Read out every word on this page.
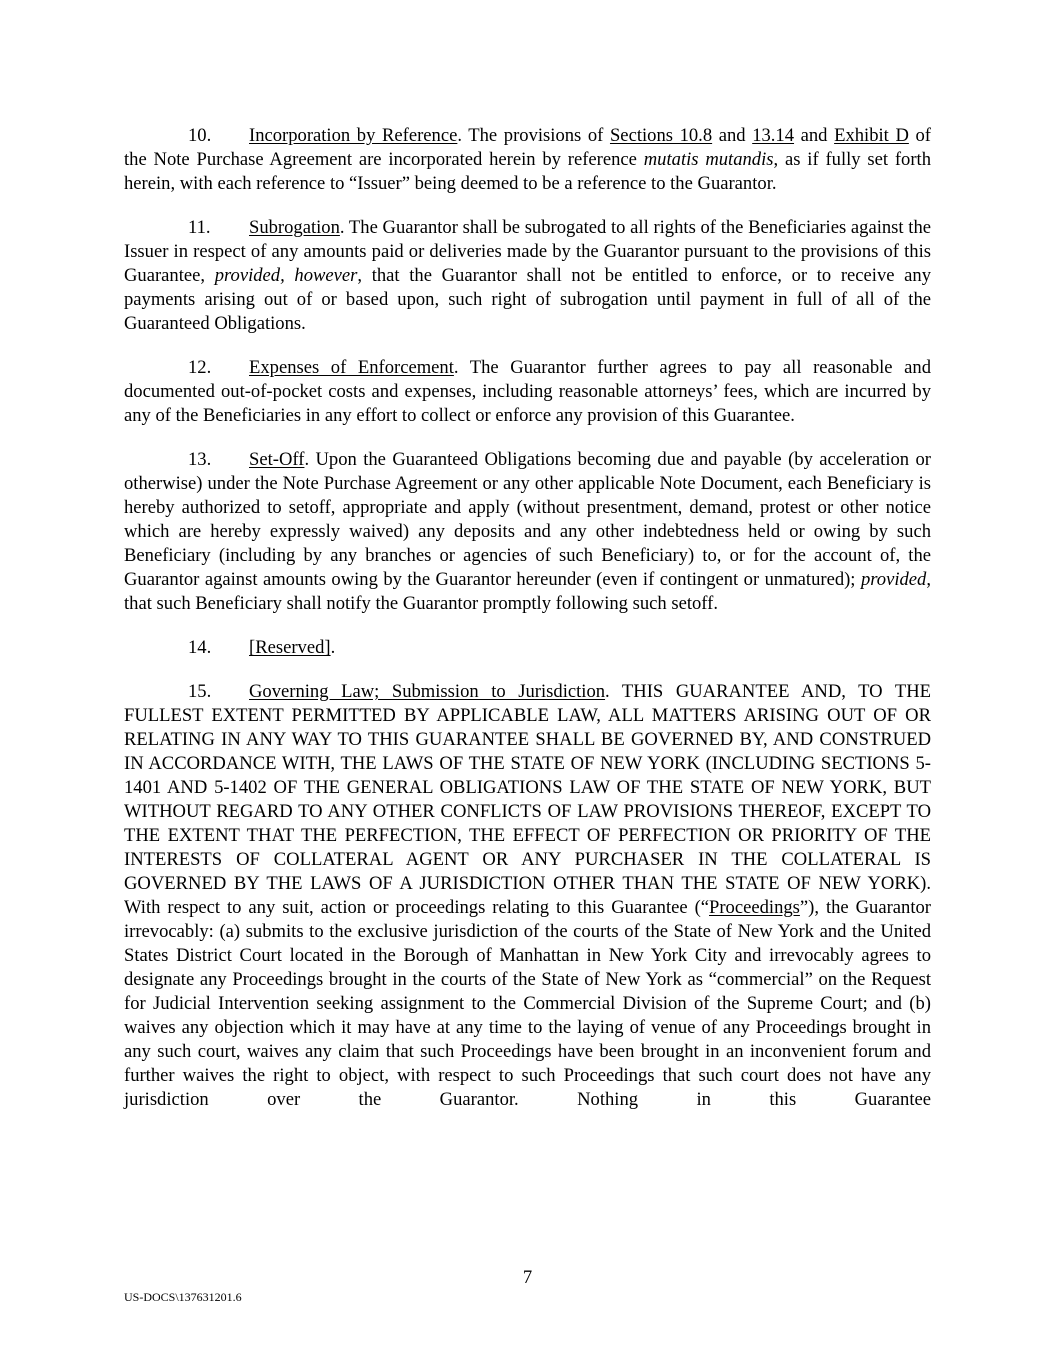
10. Incorporation by Reference. The provisions of Sections 10.8 and 13.14 and Exhibit D of the Note Purchase Agreement are incorporated herein by reference mutatis mutandis, as if fully set forth herein, with each reference to “Issuer” being deemed to be a reference to the Guarantor.

11. Subrogation. The Guarantor shall be subrogated to all rights of the Beneficiaries against the Issuer in respect of any amounts paid or deliveries made by the Guarantor pursuant to the provisions of this Guarantee, provided, however, that the Guarantor shall not be entitled to enforce, or to receive any payments arising out of or based upon, such right of subrogation until payment in full of all of the Guaranteed Obligations.

12. Expenses of Enforcement. The Guarantor further agrees to pay all reasonable and documented out-of-pocket costs and expenses, including reasonable attorneys’ fees, which are incurred by any of the Beneficiaries in any effort to collect or enforce any provision of this Guarantee.

13. Set-Off. Upon the Guaranteed Obligations becoming due and payable (by acceleration or otherwise) under the Note Purchase Agreement or any other applicable Note Document, each Beneficiary is hereby authorized to setoff, appropriate and apply (without presentment, demand, protest or other notice which are hereby expressly waived) any deposits and any other indebtedness held or owing by such Beneficiary (including by any branches or agencies of such Beneficiary) to, or for the account of, the Guarantor against amounts owing by the Guarantor hereunder (even if contingent or unmatured); provided, that such Beneficiary shall notify the Guarantor promptly following such setoff.

14. [Reserved].

15. Governing Law; Submission to Jurisdiction. THIS GUARANTEE AND, TO THE FULLEST EXTENT PERMITTED BY APPLICABLE LAW, ALL MATTERS ARISING OUT OF OR RELATING IN ANY WAY TO THIS GUARANTEE SHALL BE GOVERNED BY, AND CONSTRUED IN ACCORDANCE WITH, THE LAWS OF THE STATE OF NEW YORK (INCLUDING SECTIONS 5-1401 AND 5-1402 OF THE GENERAL OBLIGATIONS LAW OF THE STATE OF NEW YORK, BUT WITHOUT REGARD TO ANY OTHER CONFLICTS OF LAW PROVISIONS THEREOF, EXCEPT TO THE EXTENT THAT THE PERFECTION, THE EFFECT OF PERFECTION OR PRIORITY OF THE INTERESTS OF COLLATERAL AGENT OR ANY PURCHASER IN THE COLLATERAL IS GOVERNED BY THE LAWS OF A JURISDICTION OTHER THAN THE STATE OF NEW YORK). With respect to any suit, action or proceedings relating to this Guarantee (“Proceedings”), the Guarantor irrevocably: (a) submits to the exclusive jurisdiction of the courts of the State of New York and the United States District Court located in the Borough of Manhattan in New York City and irrevocably agrees to designate any Proceedings brought in the courts of the State of New York as “commercial” on the Request for Judicial Intervention seeking assignment to the Commercial Division of the Supreme Court; and (b) waives any objection which it may have at any time to the laying of venue of any Proceedings brought in any such court, waives any claim that such Proceedings have been brought in an inconvenient forum and further waives the right to object, with respect to such Proceedings that such court does not have any jurisdiction over the Guarantor. Nothing in this Guarantee

7
US-DOCS\137631201.6
